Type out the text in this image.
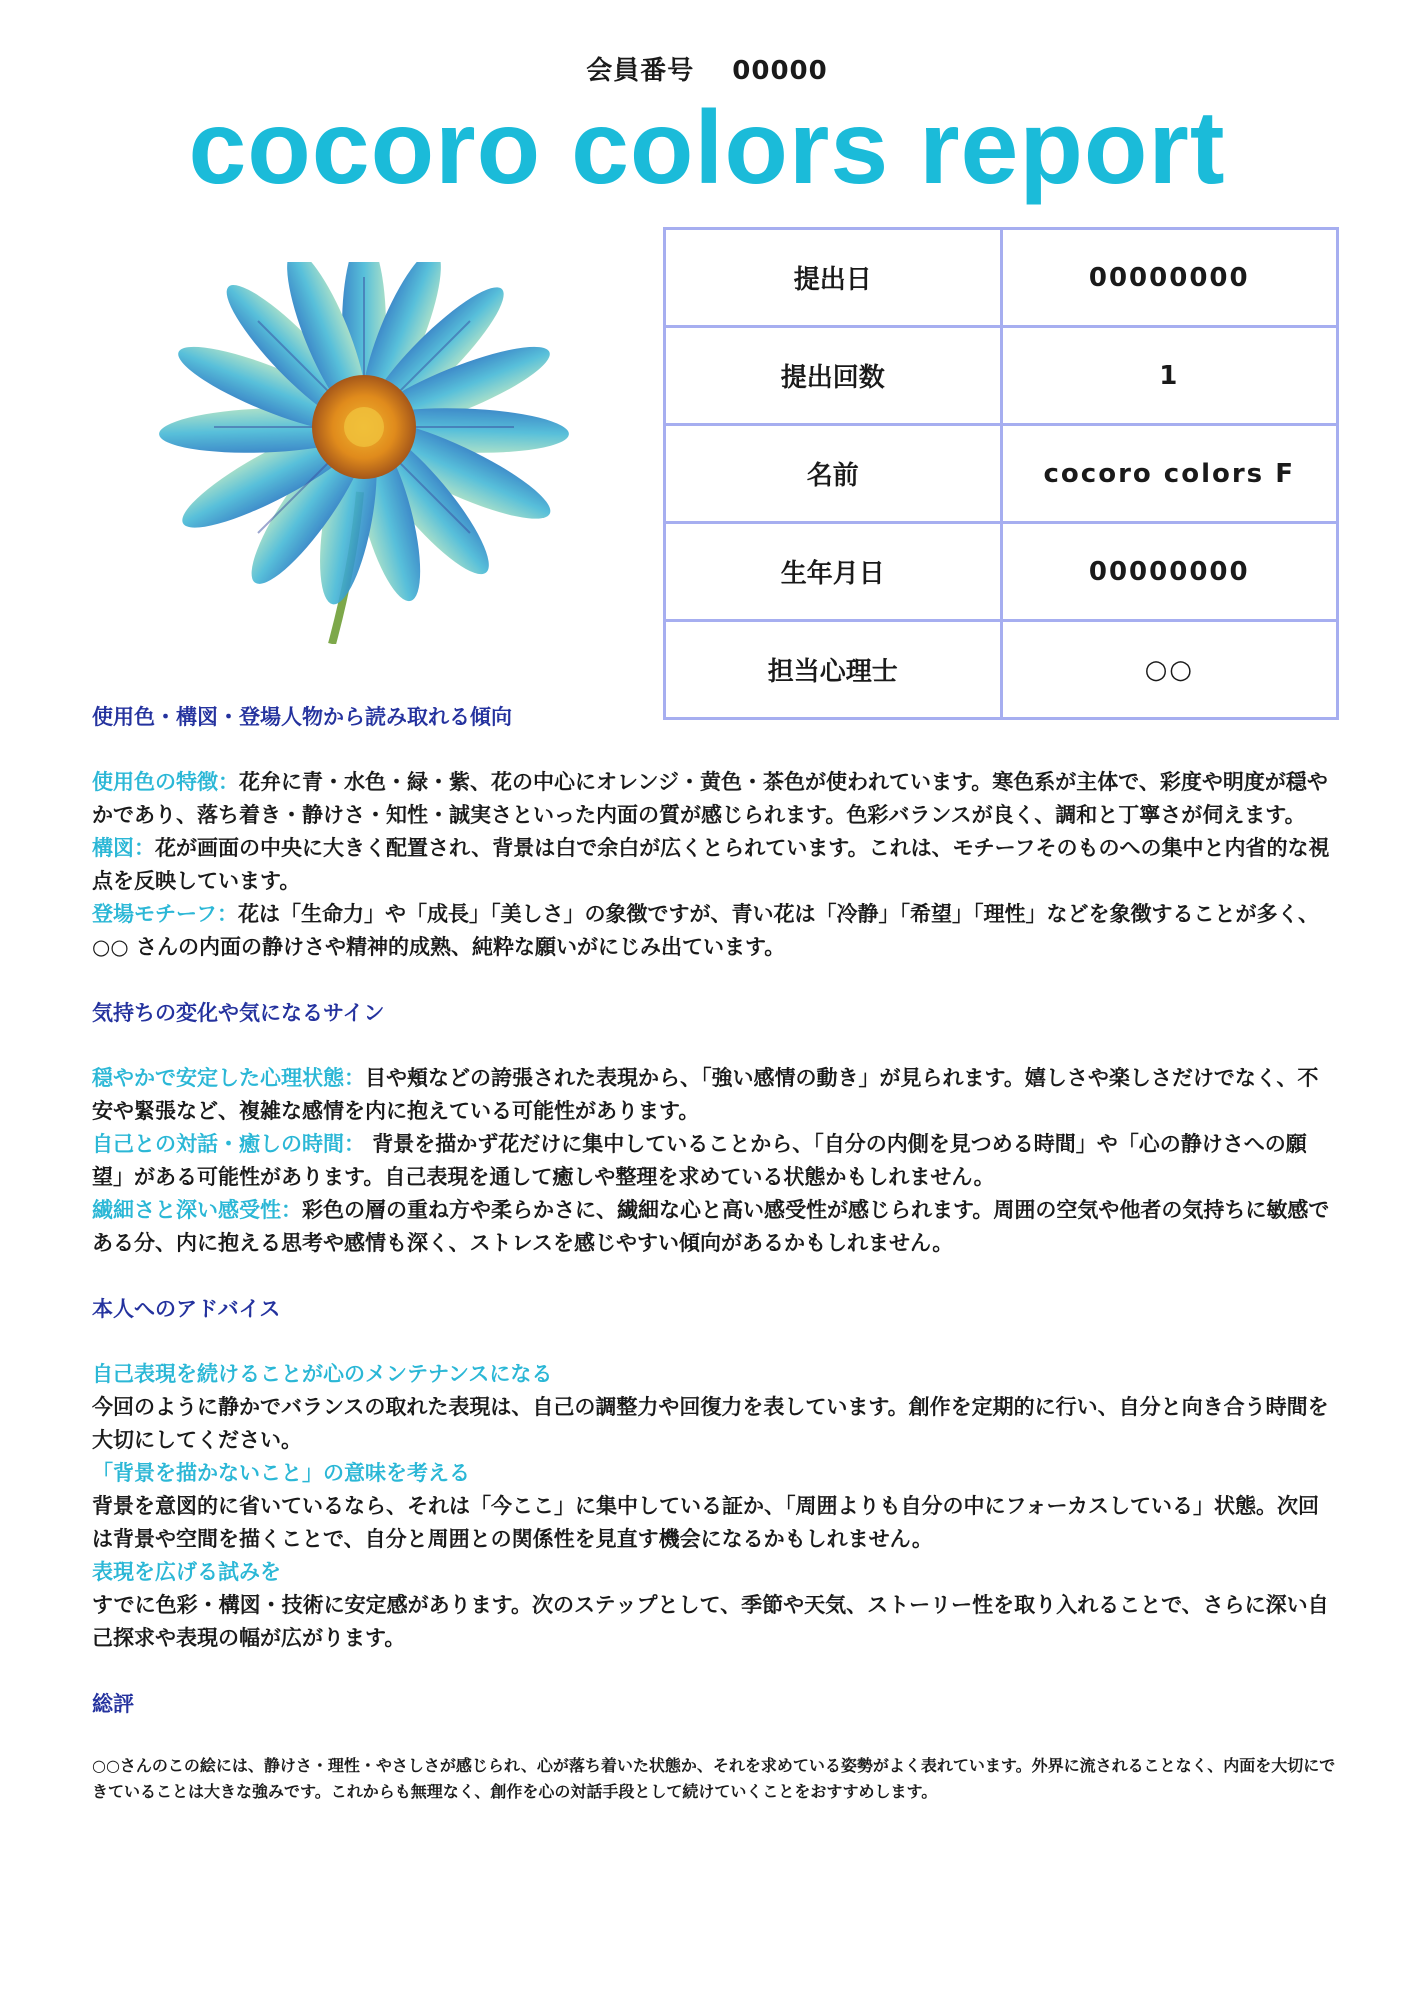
会員番号 00000
cocoro colors report
提出日	00000000
提出回数	1
名前	cocoro colors F
生年月日	00000000
担当心理士	○○

使用色・構図・登場人物から読み取れる傾向

使用色の特徴：花弁に青・水色・緑・紫、花の中心にオレンジ・黄色・茶色が使われています。寒色系が主体で、彩度や明度が穏やかであり、落ち着き・静けさ・知性・誠実さといった内面の質が感じられます。色彩バランスが良く、調和と丁寧さが伺えます。

構図：花が画面の中央に大きく配置され、背景は白で余白が広くとられています。これは、モチーフそのものへの集中と内省的な視点を反映しています。

登場モチーフ：花は「生命力」や「成長」「美しさ」の象徴ですが、青い花は「冷静」「希望」「理性」などを象徴することが多く、○○ さんの内面の静けさや精神的成熟、純粋な願いがにじみ出ています。

気持ちの変化や気になるサイン

穏やかで安定した心理状態：目や頬などの誇張された表現から、「強い感情の動き」が見られます。嬉しさや楽しさだけでなく、不安や緊張など、複雑な感情を内に抱えている可能性があります。

自己との対話・癒しの時間： 背景を描かず花だけに集中していることから、「自分の内側を見つめる時間」や「心の静けさへの願望」がある可能性があります。自己表現を通して癒しや整理を求めている状態かもしれません。

繊細さと深い感受性：彩色の層の重ね方や柔らかさに、繊細な心と高い感受性が感じられます。周囲の空気や他者の気持ちに敏感である分、内に抱える思考や感情も深く、ストレスを感じやすい傾向があるかもしれません。

本人へのアドバイス

自己表現を続けることが心のメンテナンスになる

今回のように静かでバランスの取れた表現は、自己の調整力や回復力を表しています。創作を定期的に行い、自分と向き合う時間を大切にしてください。

「背景を描かないこと」の意味を考える

背景を意図的に省いているなら、それは「今ここ」に集中している証か、「周囲よりも自分の中にフォーカスしている」状態。次回は背景や空間を描くことで、自分と周囲との関係性を見直す機会になるかもしれません。

表現を広げる試みを

すでに色彩・構図・技術に安定感があります。次のステップとして、季節や天気、ストーリー性を取り入れることで、さらに深い自己探求や表現の幅が広がります。

総評

○○さんのこの絵には、静けさ・理性・やさしさが感じられ、心が落ち着いた状態か、それを求めている姿勢がよく表れています。外界に流されることなく、内面を大切にできていることは大きな強みです。これからも無理なく、創作を心の対話手段として続けていくことをおすすめします。
